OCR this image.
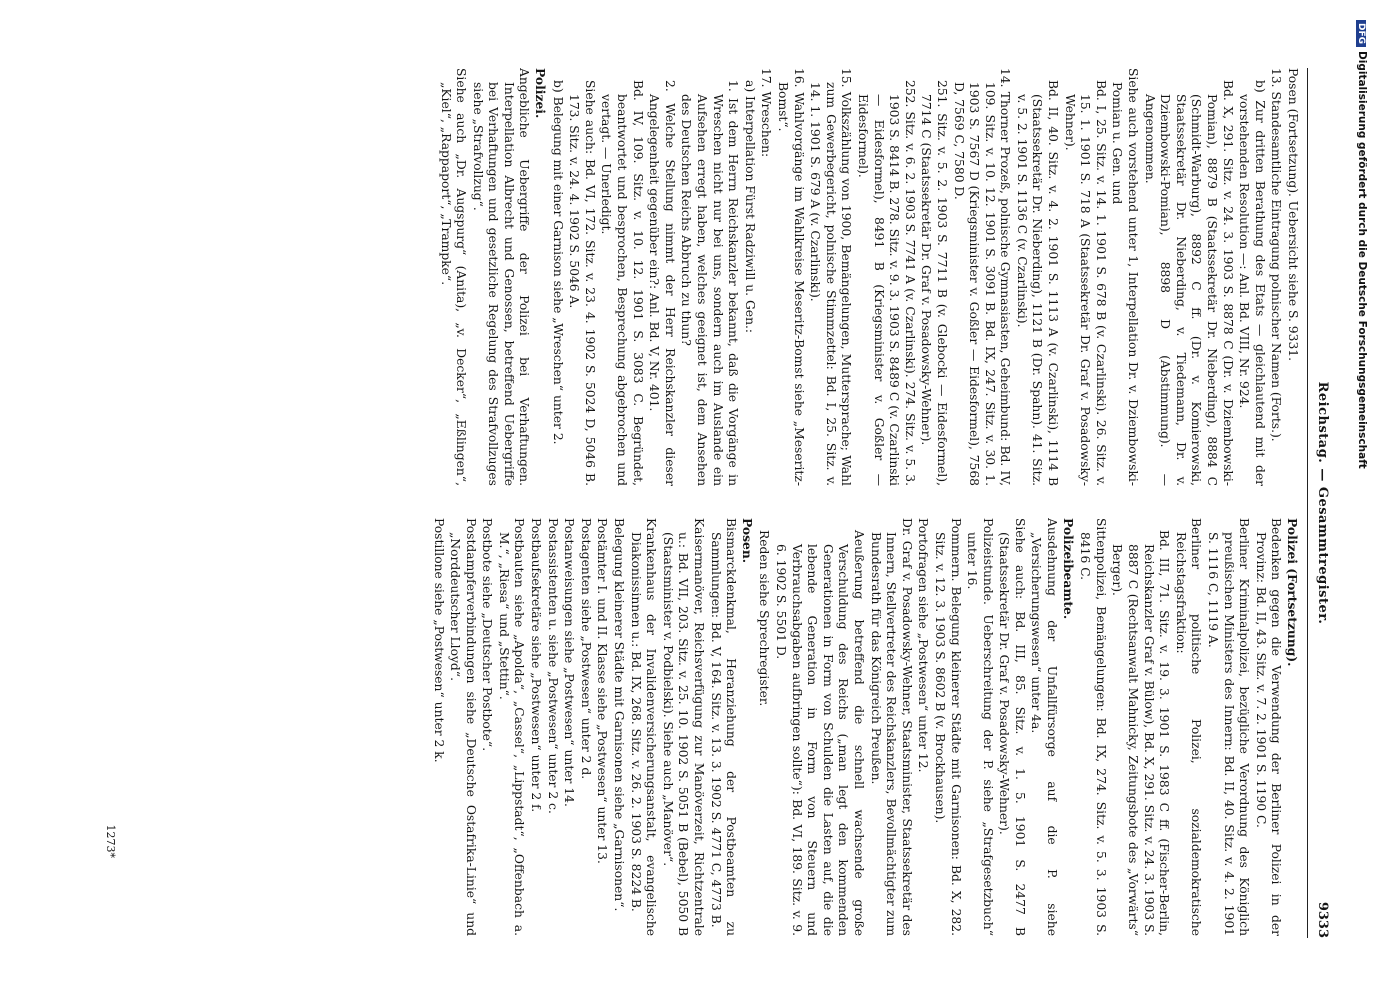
Reichstag. — Gesammtregister.
9333
Posen (Fortsetzung). Uebersicht siehe S. 9331.
13. Standesamtliche Eintragung polnischer Namen (Forts.).
b) Zur dritten Berathung des Etats — gleichlautend mit der vorstehenden Resolution —: Anl. Bd. VIII, Nr. 924.
Bd. X, 291. Sitz. v. 24. 3. 1903 S. 8878 C (Dr. v. Dziembowski-Pomian), 8879 B (Staatssekretär Dr. Nieberding), 8884 C (Schmidt-Warburg), 8892 C ff. (Dr. v. Komierowski, Staatssekretär Dr. Nieberding, v. Tiedemann, Dr. v. Dziembowski-Pomian), 8898 D (Abstimmung). — Angenommen.
Siehe auch vorstehend unter 1, Interpellation Dr. v. Dziembowski-Pomian u. Gen. und
Bd. I, 25. Sitz. v. 14. 1. 1901 S. 678 B (v. Czarlinski). 26. Sitz. v. 15. 1. 1901 S. 718 A (Staatssekretär Dr. Graf v. Posadowsky-Wehner).
Bd. II, 40. Sitz. v. 4. 2. 1901 S. 1113 A (v. Czarlinski), 1114 B (Staatssekretär Dr. Nieberding), 1121 B (Dr. Spahn). 41. Sitz. v. 5. 2. 1901 S. 1136 C (v. Czarlinski).
14. Thorner Prozeß, polnische Gymnasiasten, Geheimbund: Bd. IV, 109. Sitz. v. 10. 12. 1901 S. 3091 B. Bd. IX, 247. Sitz. v. 30. 1. 1903 S. 7567 D (Kriegsminister v. Goßler — Eidesformel), 7568 D, 7569 C, 7580 D.
251. Sitz. v. 5. 2. 1903 S. 7711 B (v. Glebocki — Eidesformel), 7714 C (Staatssekretär Dr. Graf v. Posadowsky-Wehner).
252. Sitz. v. 6. 2. 1903 S. 7741 A (v. Czarlinski). 274. Sitz. v. 5. 3. 1903 S. 8414 B. 278. Sitz. v. 9. 3. 1903 S. 8489 C (v. Czarlinski — Eidesformel), 8491 B (Kriegsminister v. Goßler — Eidesformel).
15. Volkszählung von 1900, Bemängelungen, Muttersprache; Wahl zum Gewerbegericht, polnische Stimmzettel: Bd. I, 25. Sitz. v. 14. 1. 1901 S. 679 A (v. Czarlinski).
16. Wahlvorgänge im Wahlkreise Meseritz-Bomst siehe „Meseritz-Bomst“.
17. Wreschen:
a) Interpellation Fürst Radziwill u. Gen.:
1. Ist dem Herrn Reichskanzler bekannt, daß die Vorgänge in Wreschen nicht nur bei uns, sondern auch im Auslande ein Aufsehen erregt haben, welches geeignet ist, dem Ansehen des Deutschen Reichs Abbruch zu thun?
2. Welche Stellung nimmt der Herr Reichskanzler dieser Angelegenheit gegenüber ein?: Anl. Bd. V, Nr. 401.
Bd. IV, 109. Sitz. v. 10. 12. 1901 S. 3083 C. Begründet, beantwortet und besprochen, Besprechung abgebrochen und vertagt. — Unerledigt.
Siehe auch: Bd. VI, 172. Sitz. v. 23. 4. 1902 S. 5024 D, 5046 B. 173. Sitz. v. 24. 4. 1902 S. 5046 A.
b) Belegung mit einer Garnison siehe „Wreschen“ unter 2.
Polizei.
Angebliche Uebergriffe der Polizei bei Verhaftungen. Interpellation Albrecht und Genossen, betreffend Uebergriffe bei Verhaftungen und gesetzliche Regelung des Strafvollzuges siehe „Strafvollzug“.
Siehe auch „Dr. Augspurg“ (Anita), „v. Decker“, „Eßlingen“, „Kiel“, „Rappaport“, „Trampke“.
Polizei (Fortsetzung).
Bedenken gegen die Verwendung der Berliner Polizei in der Provinz: Bd. II, 43. Sitz. v. 7. 2. 1901 S. 1190 C.
Berliner Kriminalpolizei, bezügliche Verordnung des Königlich preußischen Ministers des Innern: Bd. II, 40. Sitz. v. 4. 2. 1901 S. 1116 C, 1119 A.
Berliner politische Polizei, sozialdemokratische Reichstagsfraktion:
Bd. III, 71. Sitz. v. 19. 3. 1901 S. 1983 C ff. (Fischer-Berlin, Reichskanzler Graf v. Bülow), Bd. X, 291. Sitz. v. 24. 3. 1903 S. 8887 C (Rechtsanwalt Mahnicky, Zeitungsbote des „Vorwärts“ Berger).
Sittenpolizei, Bemängelungen: Bd. IX, 274. Sitz. v. 5. 3. 1903 S. 8416 C.
Polizeibeamte.
Ausdehnung der Unfallfürsorge auf die P. siehe „Versicherungswesen“ unter 4a.
Siehe auch: Bd. III, 85. Sitz. v. 1. 5. 1901 S. 2477 B (Staatssekretär Dr. Graf v. Posadowsky-Wehner).
Polizeistunde. Ueberschreitung der P. siehe „Strafgesetzbuch“ unter 16.
Pommern. Belegung kleinerer Städte mit Garnisonen: Bd. X, 282. Sitz. v. 12. 3. 1903 S. 8602 B (v. Brockhausen).
Portofragen siehe „Postwesen“ unter 12.
Dr. Graf v. Posadowsky-Wehner, Staatsminister, Staatssekretär des Innern, Stellvertreter des Reichskanzlers, Bevollmächtigter zum Bundesrath für das Königreich Preußen.
Aeußerung betreffend die schnell wachsende große Verschuldung des Reichs („man legt den kommenden Generationen in Form von Schulden die Lasten auf, die die lebende Generation in Form von Steuern und Verbrauchsabgaben aufbringen sollte“): Bd. VI, 189. Sitz. v. 9. 6. 1902 S. 5501 D.
Reden siehe Sprechregister.
Posen.
Bismarckdenkmal, Heranziehung der Postbeamten zu Sammlungen: Bd. V, 164. Sitz. v. 13. 3. 1902 S. 4771 C, 4773 B.
Kaisermanöver, Reichsverfügung zur Manöverzeit, Richtzentrale u.: Bd. VII, 203. Sitz. v. 25. 10. 1902 S. 5051 B (Bebel), 5050 B (Staatsminister v. Podbielski). Siehe auch „Manöver“.
Krankenhaus der Invalidenversicherungsanstalt, evangelische Diakonissinnen u.: Bd. IX, 268. Sitz. v. 26. 2. 1903 S. 8224 B.
Belegung kleinerer Städte mit Garnisonen siehe „Garnisonen“.
Postämter I. und II. Klasse siehe „Postwesen“ unter 13.
Postagenten siehe „Postwesen“ unter 2 d.
Postanweisungen siehe „Postwesen“ unter 14.
Postassistenten u. siehe „Postwesen“ unter 2 c.
Postbaufsekretäre siehe „Postwesen“ unter 2 f.
Postbauten siehe „Apolda“, „Cassel“, „Lippstadt“, „Offenbach a. M.“, „Riesa“ und „Stettin“.
Postbote siehe „Deutscher Postbote“.
Postdampferverbindungen siehe „Deutsche Ostafrika-Linie“ und „Norddeutscher Lloyd“.
Postillone siehe „Postwesen“ unter 2 k.
1273*
DFGDigitalisierung gefördert durch die Deutsche Forschungsgemeinschaft
